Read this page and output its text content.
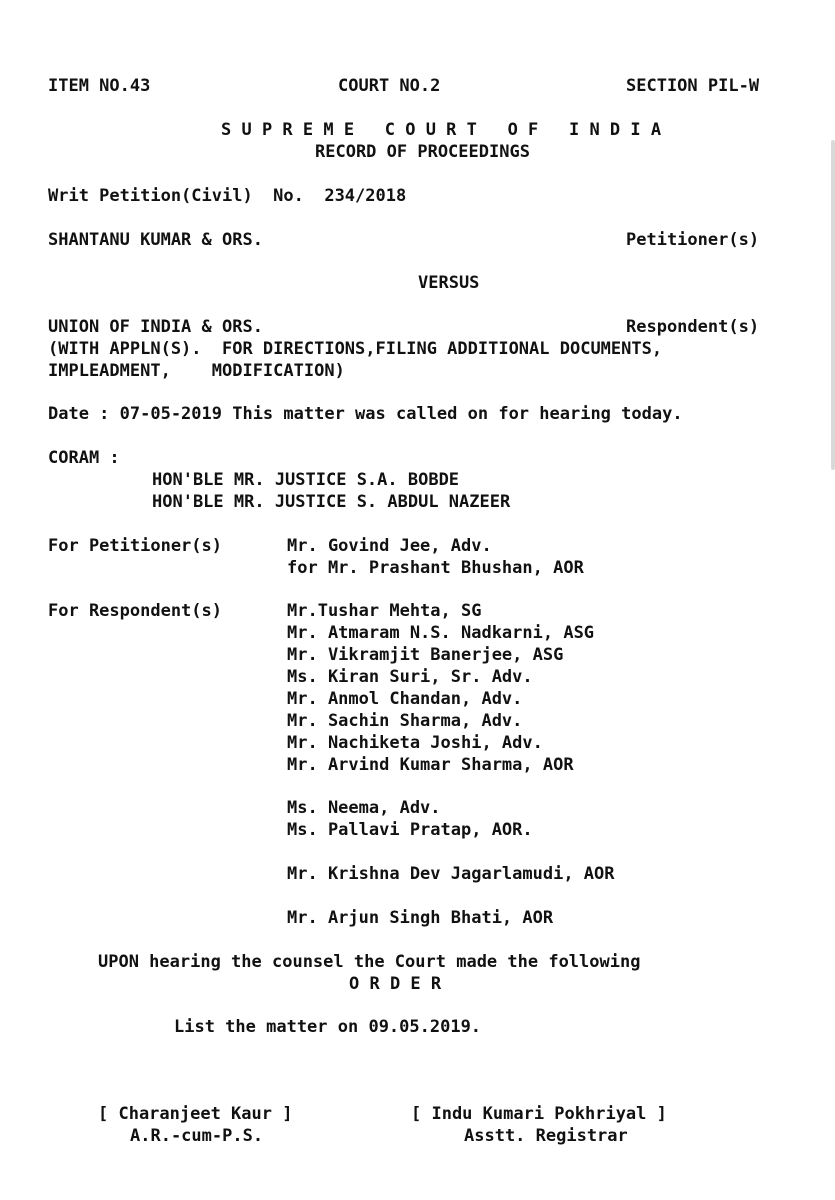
ITEM NO.43	COURT NO.2	SECTION PIL-W
S U P R E M E   C O U R T   O F   I N D I A
RECORD OF PROCEEDINGS
Writ Petition(Civil)  No.  234/2018
SHANTANU KUMAR & ORS.	Petitioner(s)
VERSUS
UNION OF INDIA & ORS.	Respondent(s)
(WITH APPLN(S).  FOR DIRECTIONS,FILING ADDITIONAL DOCUMENTS,
IMPLEADMENT,    MODIFICATION)
Date : 07-05-2019 This matter was called on for hearing today.
CORAM :
HON'BLE MR. JUSTICE S.A. BOBDE
HON'BLE MR. JUSTICE S. ABDUL NAZEER
For Petitioner(s)	Mr. Govind Jee, Adv.
for Mr. Prashant Bhushan, AOR
For Respondent(s)	Mr.Tushar Mehta, SG
Mr. Atmaram N.S. Nadkarni, ASG
Mr. Vikramjit Banerjee, ASG
Ms. Kiran Suri, Sr. Adv.
Mr. Anmol Chandan, Adv.
Mr. Sachin Sharma, Adv.
Mr. Nachiketa Joshi, Adv.
Mr. Arvind Kumar Sharma, AOR
Ms. Neema, Adv.
Ms. Pallavi Pratap, AOR.
Mr. Krishna Dev Jagarlamudi, AOR
Mr. Arjun Singh Bhati, AOR
UPON hearing the counsel the Court made the following
O R D E R
List the matter on 09.05.2019.
[ Charanjeet Kaur ]
A.R.-cum-P.S.
[ Indu Kumari Pokhriyal ]
Asstt. Registrar
